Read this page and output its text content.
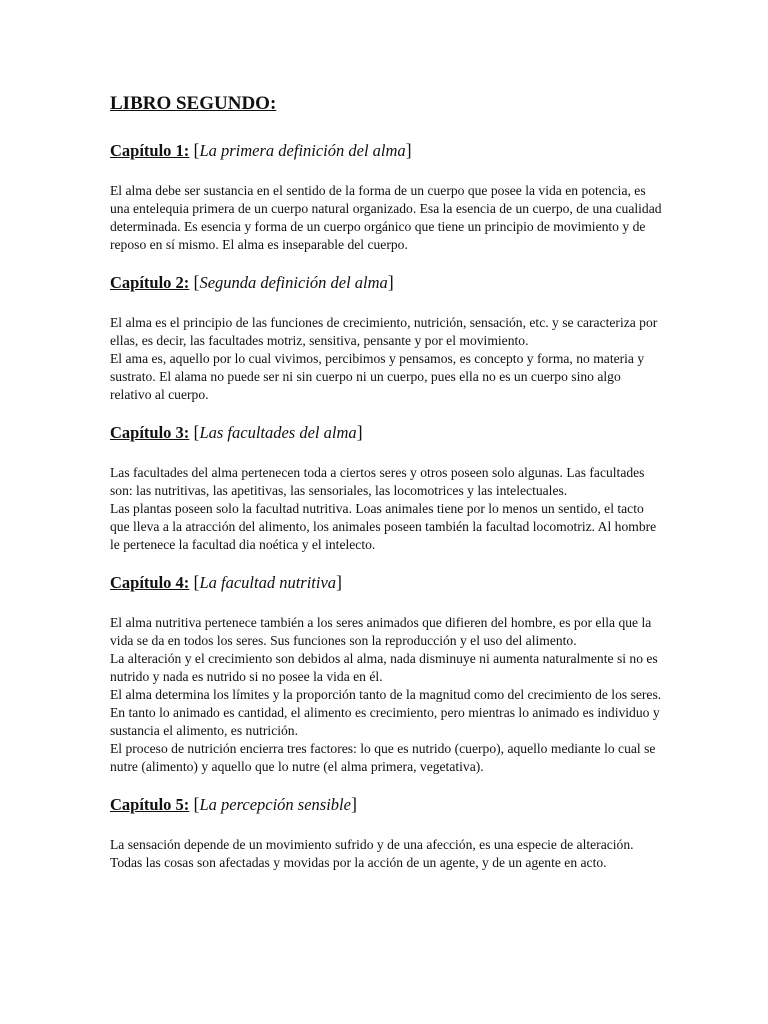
LIBRO SEGUNDO:
Capítulo 1: [La primera definición del alma]

El alma debe ser sustancia en el sentido de la forma de un cuerpo que posee la vida en potencia, es una entelequia primera de un cuerpo natural organizado. Esa la esencia de un cuerpo, de una cualidad determinada. Es esencia y forma de un cuerpo orgánico que tiene un principio de movimiento y de reposo en sí mismo. El alma es inseparable del cuerpo.

Capítulo 2: [Segunda definición del alma]

El alma es el principio de las funciones de crecimiento, nutrición, sensación, etc. y se caracteriza por ellas, es decir, las facultades motriz, sensitiva, pensante y por el movimiento.

El ama es, aquello por lo cual vivimos, percibimos y pensamos, es concepto y forma, no materia y sustrato. El alama no puede ser ni sin cuerpo ni un cuerpo, pues ella no es un cuerpo sino algo relativo al cuerpo.

Capítulo 3: [Las facultades del alma]

Las facultades del alma pertenecen toda a ciertos seres y otros poseen solo algunas. Las facultades son: las nutritivas, las apetitivas, las sensoriales, las locomotrices y las intelectuales.

Las plantas poseen solo la facultad nutritiva. Loas animales tiene por lo menos un sentido, el tacto que lleva a la atracción del alimento, los animales poseen también la facultad locomotriz. Al hombre le pertenece la facultad dia noética y el intelecto.

Capítulo 4: [La facultad nutritiva]

El alma nutritiva pertenece también a los seres animados que difieren del hombre, es por ella que la vida se da en todos los seres. Sus funciones son la reproducción y el uso del alimento.

La alteración y el crecimiento son debidos al alma, nada disminuye ni aumenta naturalmente si no es nutrido y nada es nutrido si no posee la vida en él.

El alma determina los límites y la proporción tanto de la magnitud como del crecimiento de los seres.

En tanto lo animado es cantidad, el alimento es crecimiento, pero mientras lo animado es individuo y sustancia el alimento, es nutrición.

El proceso de nutrición encierra tres factores: lo que es nutrido (cuerpo), aquello mediante lo cual se nutre (alimento) y aquello que lo nutre (el alma primera, vegetativa).

Capítulo 5: [La percepción sensible]

La sensación depende de un movimiento sufrido y de una afección, es una especie de alteración. Todas las cosas son afectadas y movidas por la acción de un agente, y de un agente en acto.
